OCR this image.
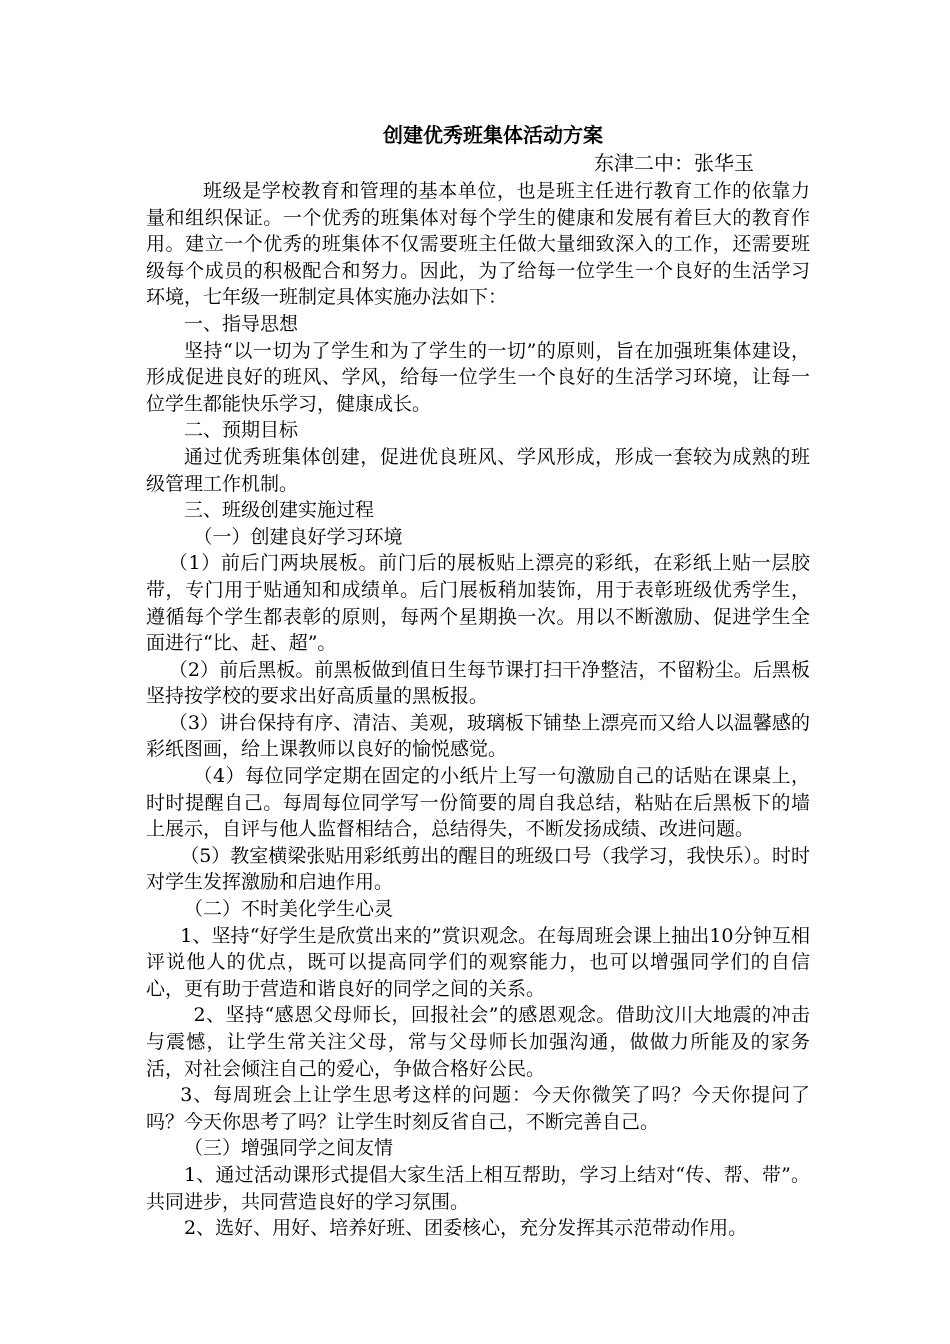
创建优秀班集体活动方案
东津二中：张华玉

班级是学校教育和管理的基本单位，也是班主任进行教育工作的依靠力量和组织保证。一个优秀的班集体对每个学生的健康和发展有着巨大的教育作用。建立一个优秀的班集体不仅需要班主任做大量细致深入的工作，还需要班级每个成员的积极配合和努力。因此，为了给每一位学生一个良好的生活学习环境，七年级一班制定具体实施办法如下：

一、指导思想

坚持“以一切为了学生和为了学生的一切”的原则，旨在加强班集体建设，形成促进良好的班风、学风，给每一位学生一个良好的生活学习环境，让每一位学生都能快乐学习，健康成长。

二、预期目标

通过优秀班集体创建，促进优良班风、学风形成，形成一套较为成熟的班级管理工作机制。

三、班级创建实施过程

（一）创建良好学习环境

（1）前后门两块展板。前门后的展板贴上漂亮的彩纸，在彩纸上贴一层胶带，专门用于贴通知和成绩单。后门展板稍加装饰，用于表彰班级优秀学生，遵循每个学生都表彰的原则，每两个星期换一次。用以不断激励、促进学生全面进行“比、赶、超”。

（2）前后黑板。前黑板做到值日生每节课打扫干净整洁，不留粉尘。后黑板坚持按学校的要求出好高质量的黑板报。

（3）讲台保持有序、清洁、美观，玻璃板下铺垫上漂亮而又给人以温馨感的彩纸图画，给上课教师以良好的愉悦感觉。

（4）每位同学定期在固定的小纸片上写一句激励自己的话贴在课桌上，时时提醒自己。每周每位同学写一份简要的周自我总结，粘贴在后黑板下的墙上展示，自评与他人监督相结合，总结得失，不断发扬成绩、改进问题。

（5）教室横梁张贴用彩纸剪出的醒目的班级口号（我学习，我快乐）。时时对学生发挥激励和启迪作用。

（二）不时美化学生心灵

1、坚持“好学生是欣赏出来的”赏识观念。在每周班会课上抽出10分钟互相评说他人的优点，既可以提高同学们的观察能力，也可以增强同学们的自信心，更有助于营造和谐良好的同学之间的关系。

2、坚持“感恩父母师长，回报社会”的感恩观念。借助汶川大地震的冲击与震憾，让学生常关注父母，常与父母师长加强沟通，做做力所能及的家务活，对社会倾注自己的爱心，争做合格好公民。

3、每周班会上让学生思考这样的问题：今天你微笑了吗？今天你提问了吗？今天你思考了吗？让学生时刻反省自己，不断完善自己。

（三）增强同学之间友情

1、通过活动课形式提倡大家生活上相互帮助，学习上结对“传、帮、带”。共同进步，共同营造良好的学习氛围。

2、选好、用好、培养好班、团委核心，充分发挥其示范带动作用。
